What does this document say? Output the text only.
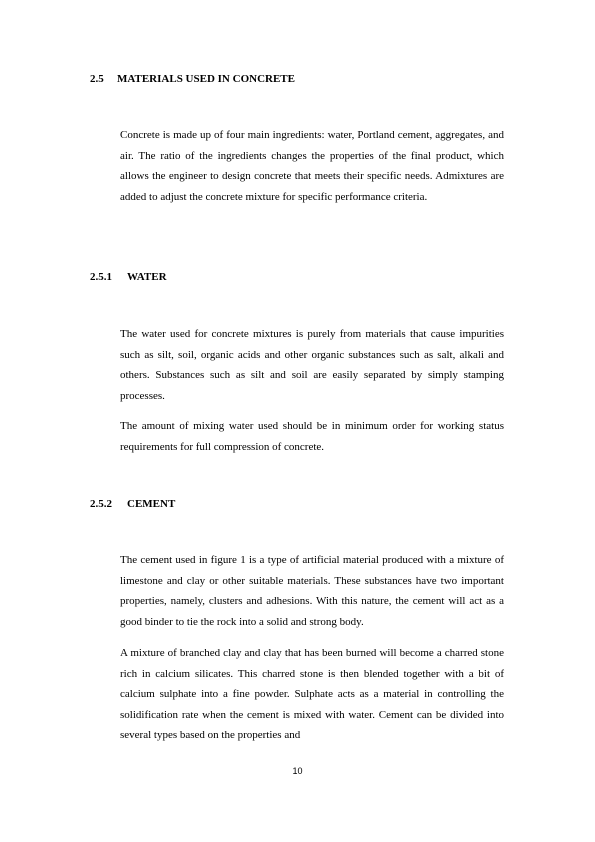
2.5 MATERIALS USED IN CONCRETE

Concrete is made up of four main ingredients: water, Portland cement, aggregates, and air. The ratio of the ingredients changes the properties of the final product, which allows the engineer to design concrete that meets their specific needs. Admixtures are added to adjust the concrete mixture for specific performance criteria.

2.5.1 WATER

The water used for concrete mixtures is purely from materials that cause impurities such as silt, soil, organic acids and other organic substances such as salt, alkali and others. Substances such as silt and soil are easily separated by simply stamping processes.

The amount of mixing water used should be in minimum order for working status requirements for full compression of concrete.

2.5.2 CEMENT

The cement used in figure 1 is a type of artificial material produced with a mixture of limestone and clay or other suitable materials. These substances have two important properties, namely, clusters and adhesions. With this nature, the cement will act as a good binder to tie the rock into a solid and strong body.

A mixture of branched clay and clay that has been burned will become a charred stone rich in calcium silicates. This charred stone is then blended together with a bit of calcium sulphate into a fine powder. Sulphate acts as a material in controlling the solidification rate when the cement is mixed with water. Cement can be divided into several types based on the properties and

10
